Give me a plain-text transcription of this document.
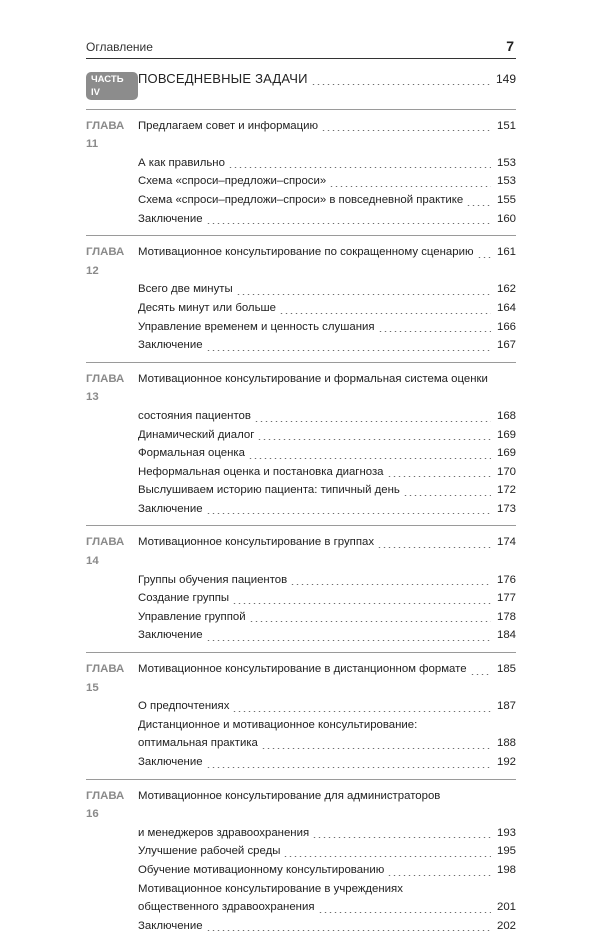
Оглавление	7
ЧАСТЬ IV
ПОВСЕДНЕВНЫЕ ЗАДАЧИ	149
ГЛАВА 11
Предлагаем совет и информацию	151
А как правильно	153
Схема «спроси–предложи–спроси»	153
Схема «спроси–предложи–спроси» в повседневной практике	155
Заключение	160
ГЛАВА 12
Мотивационное консультирование по сокращенному сценарию 161
Всего две минуты	162
Десять минут или больше	164
Управление временем и ценность слушания	166
Заключение	167
ГЛАВА 13
Мотивационное консультирование и формальная система оценки
состояния пациентов	168
Динамический диалог	169
Формальная оценка	169
Неформальная оценка и постановка диагноза	170
Выслушиваем историю пациента: типичный день	172
Заключение	173
ГЛАВА 14
Мотивационное консультирование в группах	174
Группы обучения пациентов	176
Создание группы	177
Управление группой	178
Заключение	184
ГЛАВА 15
Мотивационное консультирование в дистанционном формате	185
О предпочтениях	187
Дистанционное и мотивационное консультирование:
оптимальная практика	188
Заключение	192
ГЛАВА 16
Мотивационное консультирование для администраторов
и менеджеров здравоохранения	193
Улучшение рабочей среды	195
Обучение мотивационному консультированию	198
Мотивационное консультирование в учреждениях
общественного здравоохранения	201
Заключение	202
